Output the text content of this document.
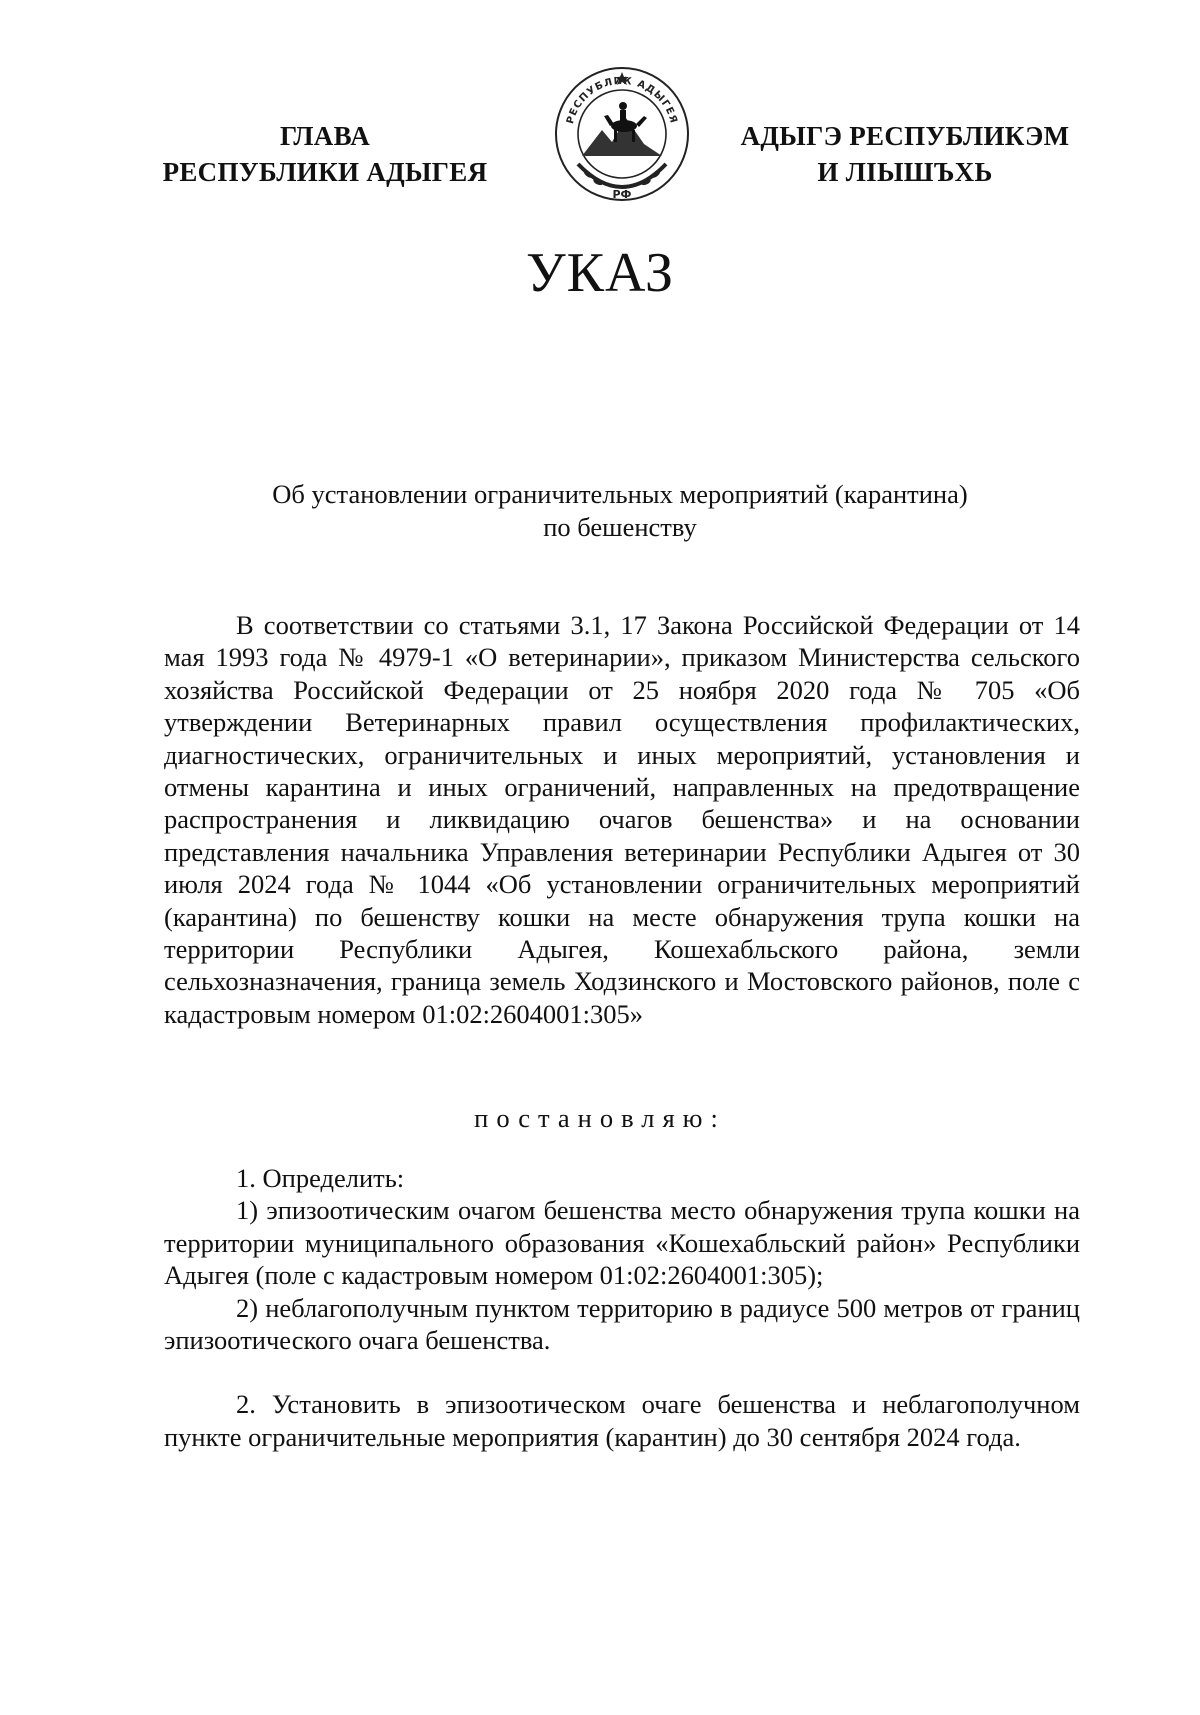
ГЛАВА
РЕСПУБЛИКИ АДЫГЕЯ
РЕСПУБЛИК АДЫГЕЯ
РФ
АДЫГЭ РЕСПУБЛИКЭМ
И ЛIЫШЪХЬ
УКАЗ
Об установлении ограничительных мероприятий (карантина)
по бешенству

В соответствии со статьями 3.1, 17 Закона Российской Федерации от 14 мая 1993 года № 4979-1 «О ветеринарии», приказом Министерства сельского хозяйства Российской Федерации от 25 ноября 2020 года № 705 «Об утверждении Ветеринарных правил осуществления профилактических, диагностических, ограничительных и иных мероприятий, установления и отмены карантина и иных ограничений, направленных на предотвращение распространения и ликвидацию очагов бешенства» и на основании представления начальника Управления ветеринарии Республики Адыгея от 30 июля 2024 года № 1044 «Об установлении ограничительных мероприятий (карантина) по бешенству кошки на месте обнаружения трупа кошки на территории Республики Адыгея, Кошехабльского района, земли сельхозназначения, граница земель Ходзинского и Мостовского районов, поле с кадастровым номером 01:02:2604001:305»

постановляю:

1. Определить:

1) эпизоотическим очагом бешенства место обнаружения трупа кошки на территории муниципального образования «Кошехабльский район» Республики Адыгея (поле с кадастровым номером 01:02:2604001:305);

2) неблагополучным пунктом территорию в радиусе 500 метров от границ эпизоотического очага бешенства.

2. Установить в эпизоотическом очаге бешенства и неблагополучном пункте ограничительные мероприятия (карантин) до 30 сентября 2024 года.
